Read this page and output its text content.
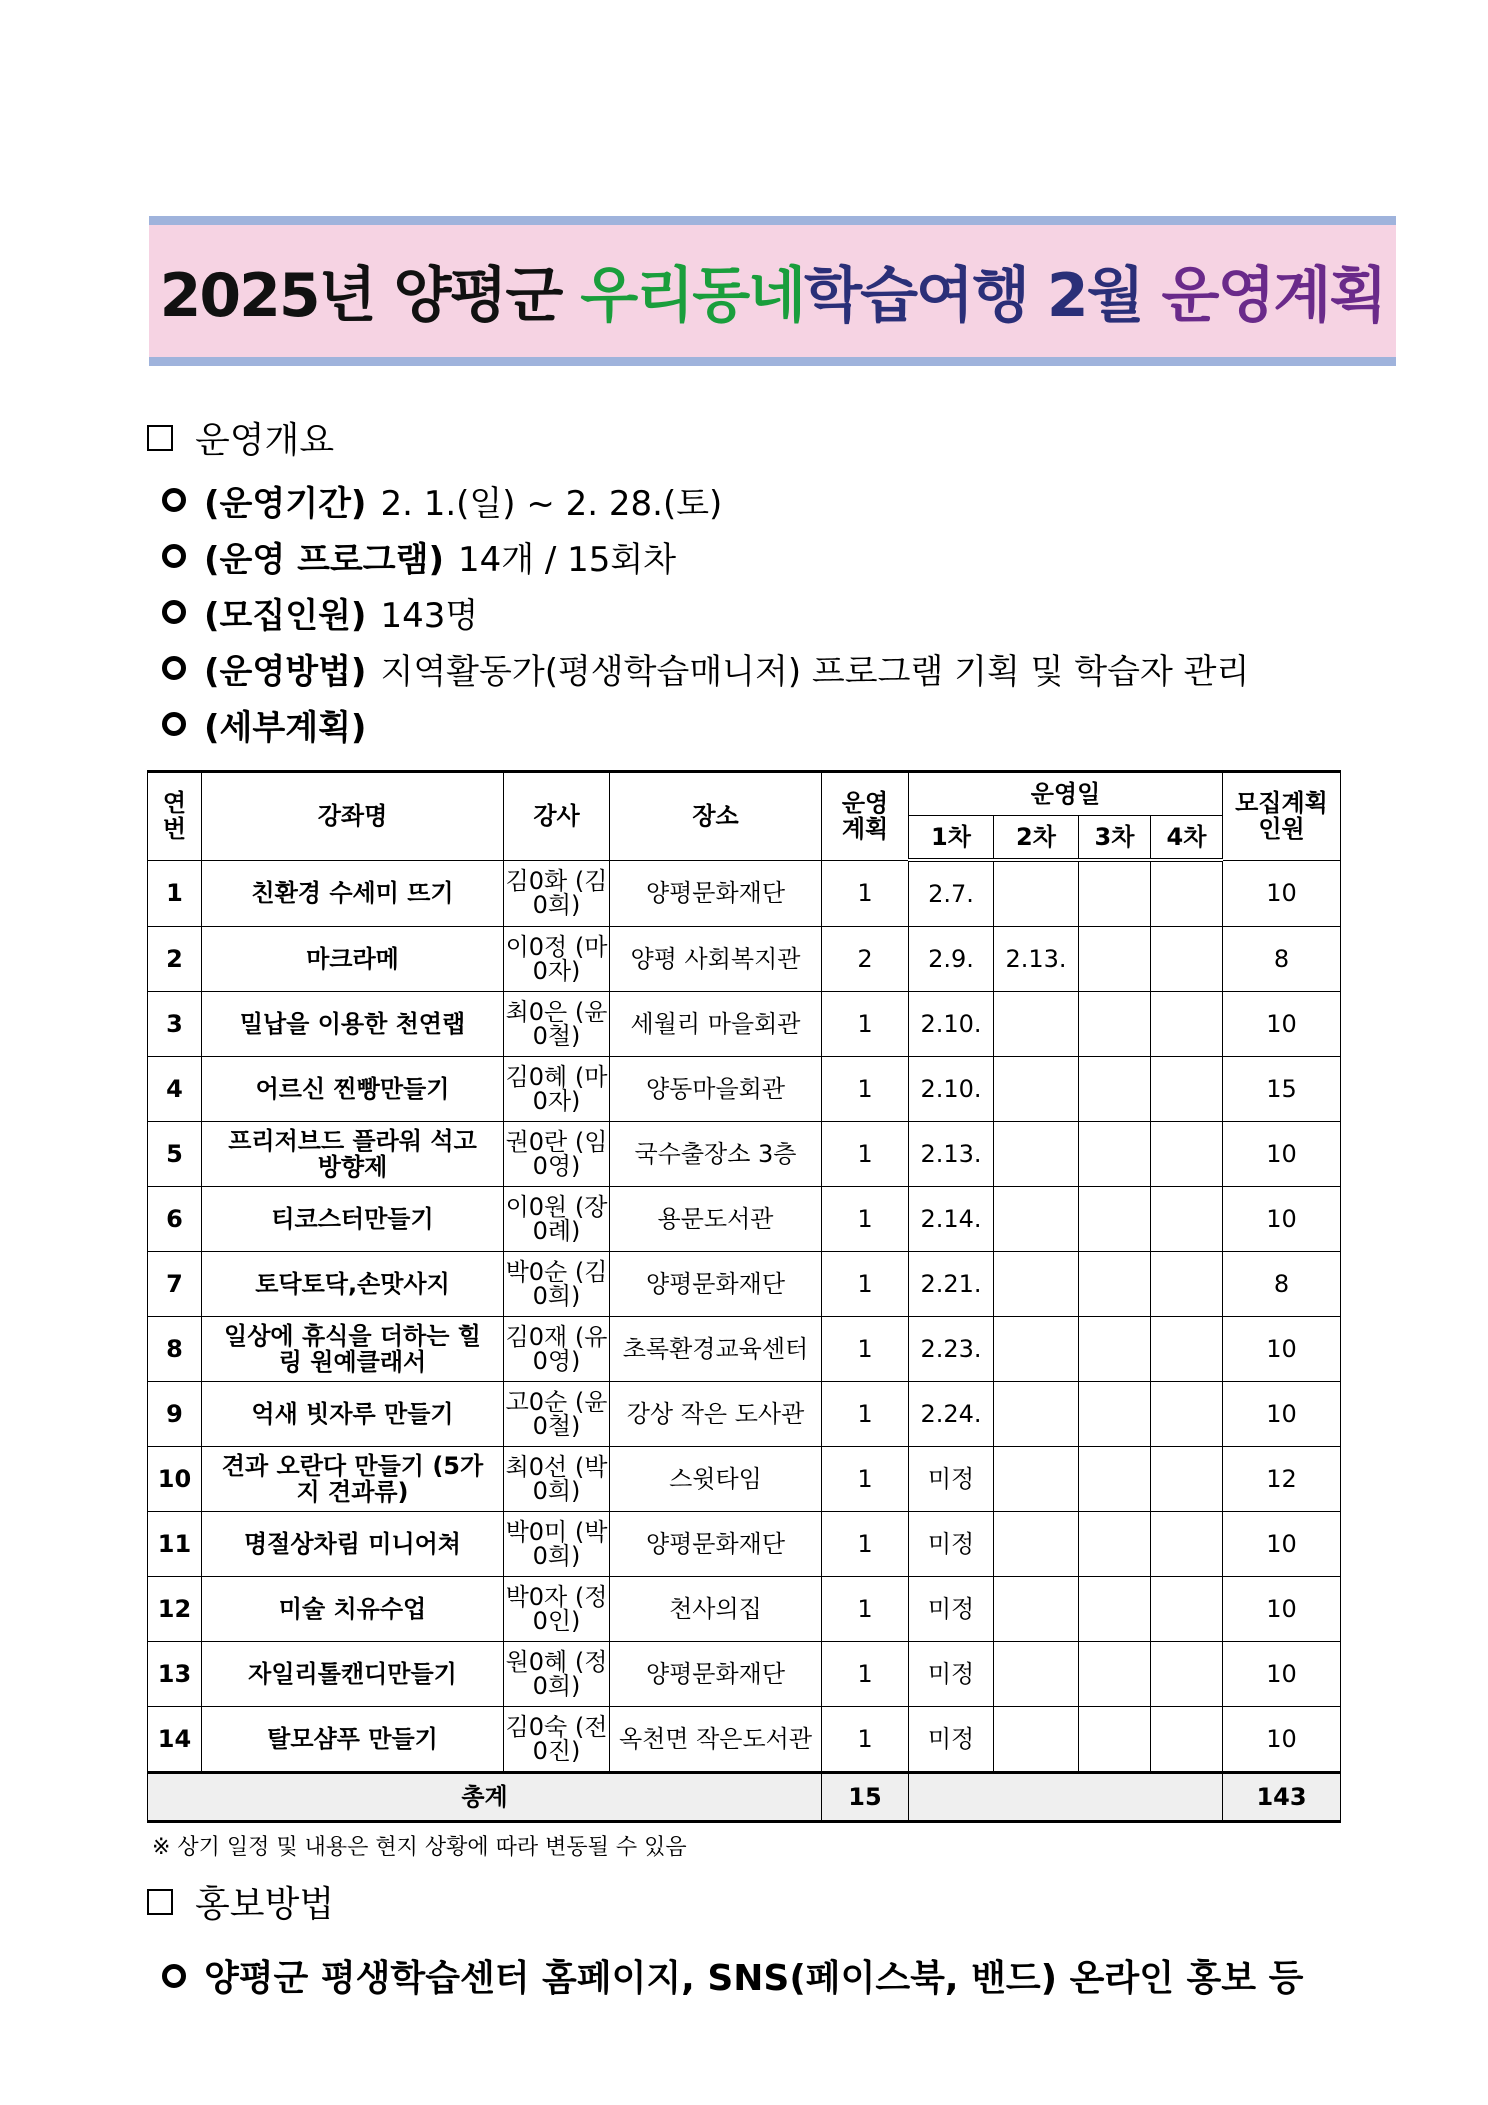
2025년 양평군 우리동네학습여행 2월 운영계획
운영개요
(운영기간) 2. 1.(일) ~ 2. 28.(토)
(운영 프로그램) 14개 / 15회차
(모집인원) 143명
(운영방법) 지역활동가(평생학습매니저) 프로그램 기획 및 학습자 관리
(세부계획)
연번	강좌명	강사	장소	운영 계획	운영일				모집계획 인원
					1차	2차	3차	4차	
1	친환경 수세미 뜨기	김0화 (김0희)	양평문화재단	1	2.7.				10
2	마크라메	이0정 (마0자)	양평 사회복지관	2	2.9.	2.13.			8
3	밀납을 이용한 천연랩	최0은 (윤0철)	세월리 마을회관	1	2.10.				10
4	어르신 찐빵만들기	김0혜 (마0자)	양동마을회관	1	2.10.				15
5	프리저브드 플라워 석고방향제	권0란 (임0영)	국수출장소 3층	1	2.13.				10
6	티코스터만들기	이0원 (장0례)	용문도서관	1	2.14.				10
7	토닥토닥,손맛사지	박0순 (김0희)	양평문화재단	1	2.21.				8
8	일상에 휴식을 더하는 힐링 원예클래서	김0재 (유0영)	초록환경교육센터	1	2.23.				10
9	억새 빗자루 만들기	고0순 (윤0철)	강상 작은 도사관	1	2.24.				10
10	견과 오란다 만들기 (5가지 견과류)	최0선 (박0희)	스윗타임	1	미정				12
11	명절상차림 미니어쳐	박0미 (박0희)	양평문화재단	1	미정				10
12	미술 치유수업	박0자 (정0인)	천사의집	1	미정				10
13	자일리톨캔디만들기	원0혜 (정0희)	양평문화재단	1	미정				10
14	탈모샴푸 만들기	김0숙 (전0진)	옥천면 작은도서관	1	미정				10
총계				15					143
※ 상기 일정 및 내용은 현지 상황에 따라 변동될 수 있음
홍보방법
양평군 평생학습센터 홈페이지, SNS(페이스북, 밴드) 온라인 홍보 등
